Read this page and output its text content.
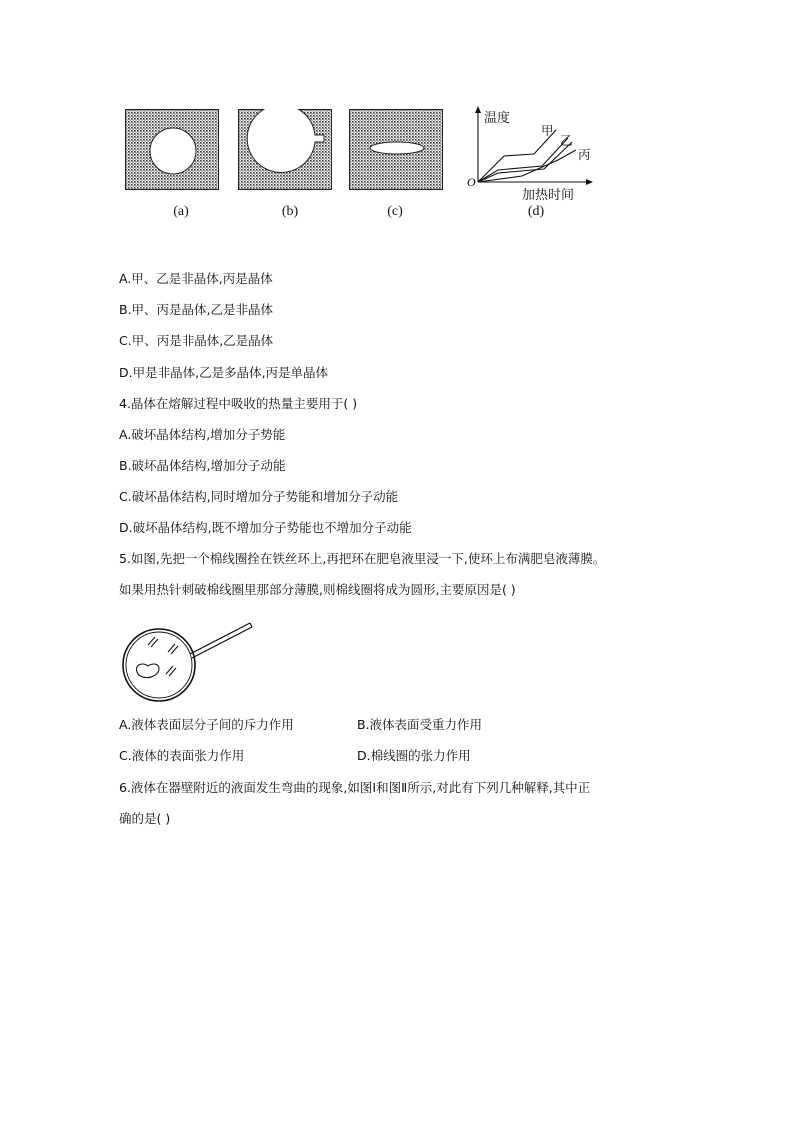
(a)	(b)	(c)
温度
加热时间
O
甲
乙
丙
(d)
A.甲、乙是非晶体,丙是晶体
B.甲、丙是晶体,乙是非晶体
C.甲、丙是非晶体,乙是晶体
D.甲是非晶体,乙是多晶体,丙是单晶体
4.晶体在熔解过程中吸收的热量主要用于( )
A.破坏晶体结构,增加分子势能
B.破坏晶体结构,增加分子动能
C.破坏晶体结构,同时增加分子势能和增加分子动能
D.破坏晶体结构,既不增加分子势能也不增加分子动能
5.如图,先把一个棉线圈拴在铁丝环上,再把环在肥皂液里浸一下,使环上布满肥皂液薄膜。
如果用热针刺破棉线圈里那部分薄膜,则棉线圈将成为圆形,主要原因是( )
A.液体表面层分子间的斥力作用	B.液体表面受重力作用
C.液体的表面张力作用	D.棉线圈的张力作用
6.液体在器壁附近的液面发生弯曲的现象,如图Ⅰ和图Ⅱ所示,对此有下列几种解释,其中正
确的是( )
